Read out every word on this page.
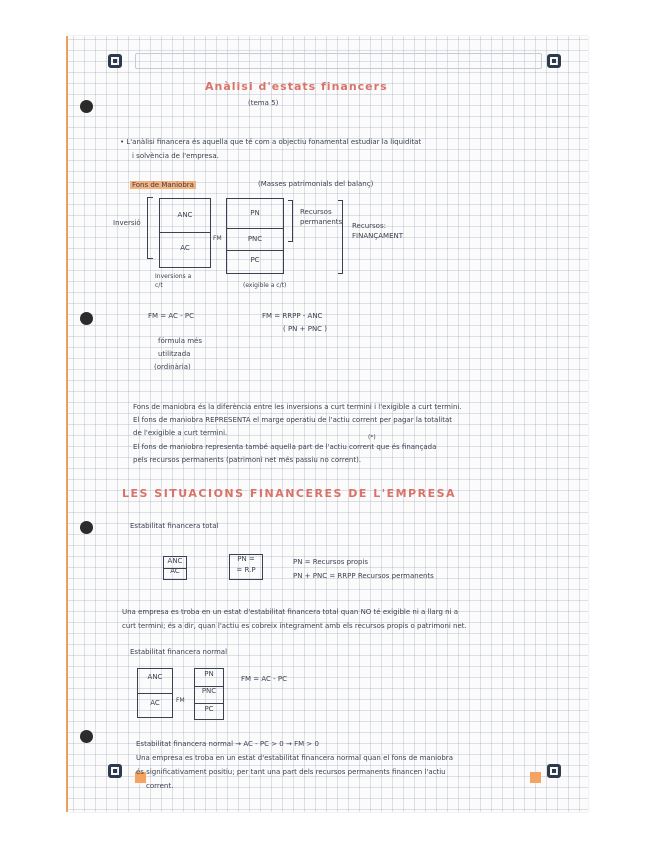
Anàlisi d'estats financers
(tema 5)
• L'anàlisi financera és aquella que té com a objectiu fonamental estudiar la liquiditat
i solvència de l'empresa.
Fons de Maniobra	(Masses patrimonials del balanç)
Inversió
ANC
AC
FM
PN
PNC
PC
Recursos permanents Recursos: FINANÇAMENT
Inversions a c/t	(exigible a c/t)
FM = AC - PC	FM = RRPP - ANC
( PN + PNC )
fórmula més
utilitzada
(ordinària)
Fons de maniobra és la diferència entre les inversions a curt termini i l'exigible a curt termini.
El fons de maniobra REPRESENTA el marge operatiu de l'actiu corrent per pagar la totalitat
de l'exigible a curt termini.
(*)
El fons de maniobra representa també aquella part de l'actiu corrent que és finançada
pels recursos permanents (patrimoni net més passiu no corrent).
LES SITUACIONS FINANCERES DE L'EMPRESA
Estabilitat financera total
ANC
AC
PN =
= R.P
PN = Recursos propis
PN + PNC = RRPP Recursos permanents
Una empresa es troba en un estat d'estabilitat financera total quan NO té exigible ni a llarg ni a
curt termini; és a dir, quan l'actiu es cobreix íntegrament amb els recursos propis o patrimoni net.
Estabilitat financera normal
ANC
AC	FM
PN
PNC
PC
FM = AC - PC
Estabilitat financera normal → AC - PC > 0 → FM > 0
Una empresa es troba en un estat d'estabilitat financera normal quan el fons de maniobra
és significativament positiu; per tant una part dels recursos permanents financen l'actiu
corrent.
